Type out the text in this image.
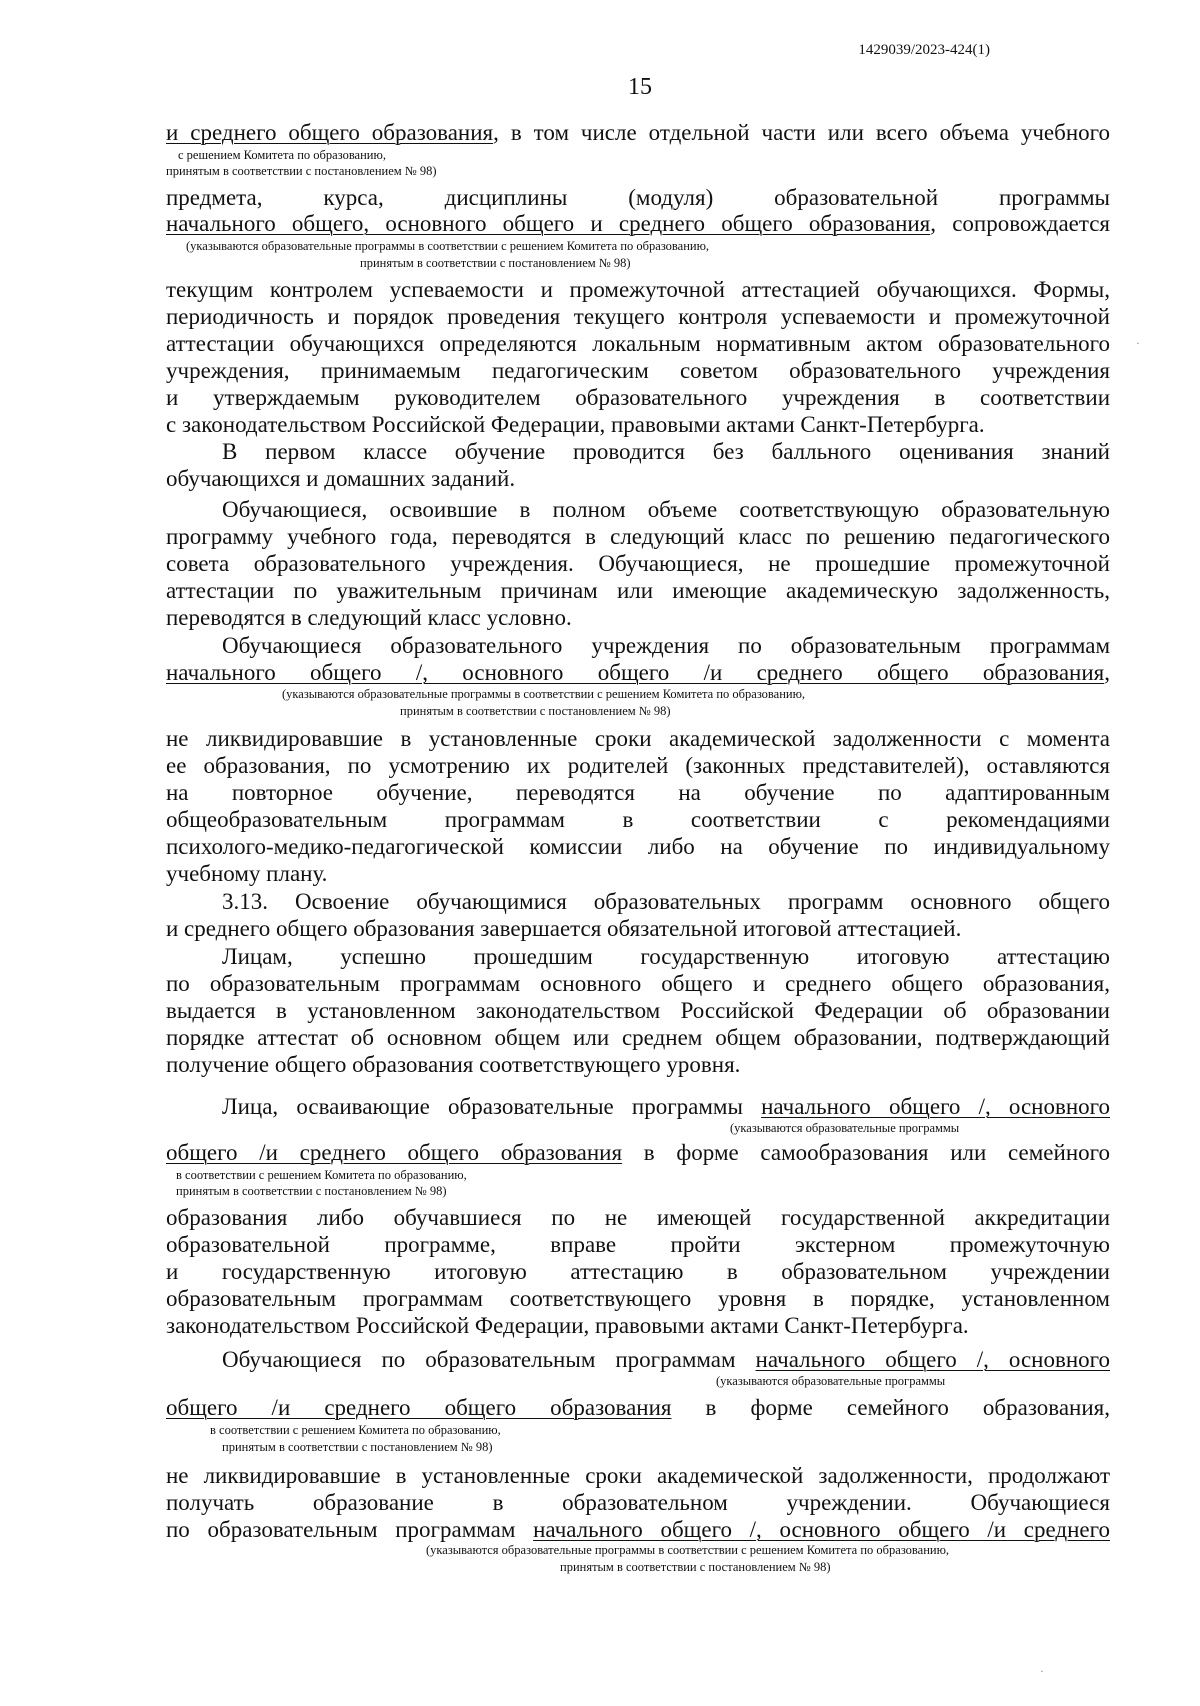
1429039/2023-424(1)
15
и среднего общего образования, в том числе отдельной части или всего объема учебного
с решением Комитета по образованию,
принятым в соответствии с постановлением № 98)
предмета, курса, дисциплины (модуля) образовательной программы
начального общего, основного общего и среднего общего образования, сопровождается
(указываются образовательные программы в соответствии с решением Комитета по образованию,
принятым в соответствии с постановлением № 98)
текущим контролем успеваемости и промежуточной аттестацией обучающихся. Формы,
периодичность и порядок проведения текущего контроля успеваемости и промежуточной
аттестации обучающихся определяются локальным нормативным актом образовательного
учреждения, принимаемым педагогическим советом образовательного учреждения
и утверждаемым руководителем образовательного учреждения в соответствии
с законодательством Российской Федерации, правовыми актами Санкт-Петербурга.
В первом классе обучение проводится без балльного оценивания знаний
обучающихся и домашних заданий.
Обучающиеся, освоившие в полном объеме соответствующую образовательную
программу учебного года, переводятся в следующий класс по решению педагогического
совета образовательного учреждения. Обучающиеся, не прошедшие промежуточной
аттестации по уважительным причинам или имеющие академическую задолженность,
переводятся в следующий класс условно.
Обучающиеся образовательного учреждения по образовательным программам
начального общего /, основного общего /и среднего общего образования,
(указываются образовательные программы в соответствии с решением Комитета по образованию,
принятым в соответствии с постановлением № 98)
не ликвидировавшие в установленные сроки академической задолженности с момента
ее образования, по усмотрению их родителей (законных представителей), оставляются
на повторное обучение, переводятся на обучение по адаптированным
общеобразовательным программам в соответствии с рекомендациями
психолого-медико-педагогической комиссии либо на обучение по индивидуальному
учебному плану.
3.13. Освоение обучающимися образовательных программ основного общего
и среднего общего образования завершается обязательной итоговой аттестацией.
Лицам, успешно прошедшим государственную итоговую аттестацию
по образовательным программам основного общего и среднего общего образования,
выдается в установленном законодательством Российской Федерации об образовании
порядке аттестат об основном общем или среднем общем образовании, подтверждающий
получение общего образования соответствующего уровня.
Лица, осваивающие образовательные программы начального общего /, основного
(указываются образовательные программы
общего /и среднего общего образования в форме самообразования или семейного
в соответствии с решением Комитета по образованию,
принятым в соответствии с постановлением № 98)
образования либо обучавшиеся по не имеющей государственной аккредитации
образовательной программе, вправе пройти экстерном промежуточную
и государственную итоговую аттестацию в образовательном учреждении
образовательным программам соответствующего уровня в порядке, установленном
законодательством Российской Федерации, правовыми актами Санкт-Петербурга.
Обучающиеся по образовательным программам начального общего /, основного
(указываются образовательные программы
общего /и среднего общего образования в форме семейного образования,
в соответствии с решением Комитета по образованию,
принятым в соответствии с постановлением № 98)
не ликвидировавшие в установленные сроки академической задолженности, продолжают
получать образование в образовательном учреждении. Обучающиеся
по образовательным программам начального общего /, основного общего /и среднего
(указываются образовательные программы в соответствии с решением Комитета по образованию,
принятым в соответствии с постановлением № 98)
·
·
